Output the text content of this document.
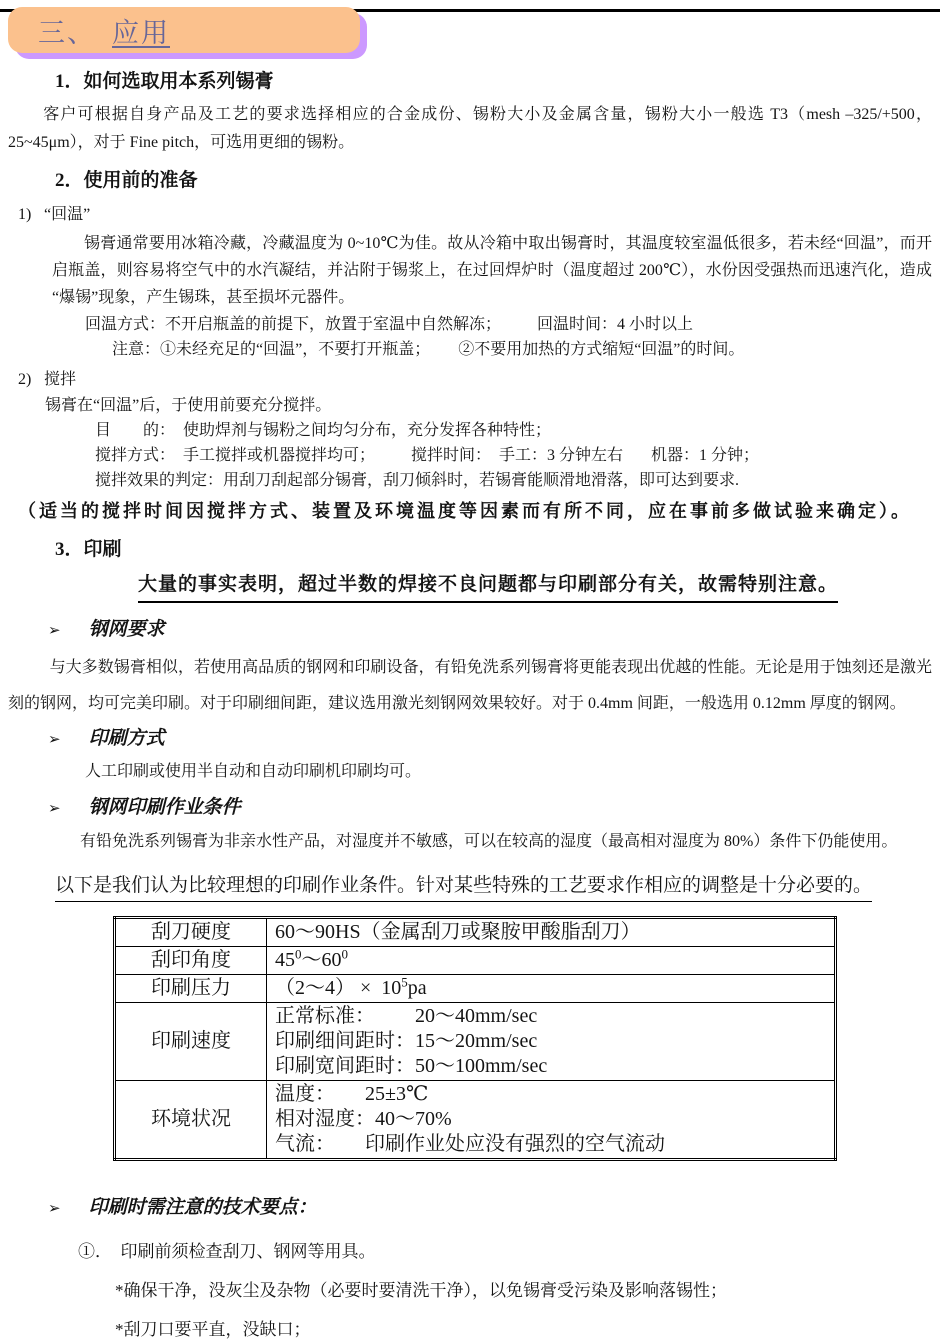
三、 应用
1．如何选取用本系列锡膏
客户可根据自身产品及工艺的要求选择相应的合金成份、锡粉大小及金属含量，锡粉大小一般选 T3（mesh –325/+500，25~45μm），对于 Fine pitch，可选用更细的锡粉。
2．使用前的准备
1) “回温”
锡膏通常要用冰箱冷藏，冷藏温度为 0~10℃为佳。故从冷箱中取出锡膏时，其温度较室温低很多，若未经“回温”，而开启瓶盖，则容易将空气中的水汽凝结，并沾附于锡浆上，在过回焊炉时（温度超过 200℃），水份因受强热而迅速汽化，造成“爆锡”现象，产生锡珠，甚至损坏元器件。
回温方式：不开启瓶盖的前提下，放置于室温中自然解冻；         回温时间：4 小时以上
注意：①未经充足的“回温”，不要打开瓶盖；       ②不要用加热的方式缩短“回温”的时间。
2) 搅拌
锡膏在“回温”后，于使用前要充分搅拌。
目　　的：  使助焊剂与锡粉之间均匀分布，充分发挥各种特性；
搅拌方式：  手工搅拌或机器搅拌均可；         搅拌时间：  手工：3 分钟左右       机器：1 分钟；
搅拌效果的判定：用刮刀刮起部分锡膏，刮刀倾斜时，若锡膏能顺滑地滑落，即可达到要求.
（适当的搅拌时间因搅拌方式、装置及环境温度等因素而有所不同，应在事前多做试验来确定）。
3．印刷
大量的事实表明，超过半数的焊接不良问题都与印刷部分有关，故需特别注意。
➢ 钢网要求
与大多数锡膏相似，若使用高品质的钢网和印刷设备，有铅免洗系列锡膏将更能表现出优越的性能。无论是用于蚀刻还是激光刻的钢网，均可完美印刷。对于印刷细间距，建议选用激光刻钢网效果较好。对于 0.4mm 间距，一般选用 0.12mm 厚度的钢网。
➢ 印刷方式
人工印刷或使用半自动和自动印刷机印刷均可。
➢ 钢网印刷作业条件
有铅免洗系列锡膏为非亲水性产品，对湿度并不敏感，可以在较高的湿度（最高相对湿度为 80%）条件下仍能使用。
以下是我们认为比较理想的印刷作业条件。针对某些特殊的工艺要求作相应的调整是十分必要的。
刮刀硬度	60～90HS（金属刮刀或聚胺甲酸脂刮刀）
刮印角度	$45^0\sim 60^0$
印刷压力	（2～4） ×  $10^5pa$
印刷速度	正常标准：        20～40mm/sec
印刷细间距时：15～20mm/sec
印刷宽间距时：50～100mm/sec

环境状况	温度：      25±3℃
相对湿度：40～70%
气流：      印刷作业处应没有强烈的空气流动
➢ 印刷时需注意的技术要点：
①．  印刷前须检查刮刀、钢网等用具。
*确保干净，没灰尘及杂物（必要时要清洗干净），以免锡膏受污染及影响落锡性；
*刮刀口要平直，没缺口；
